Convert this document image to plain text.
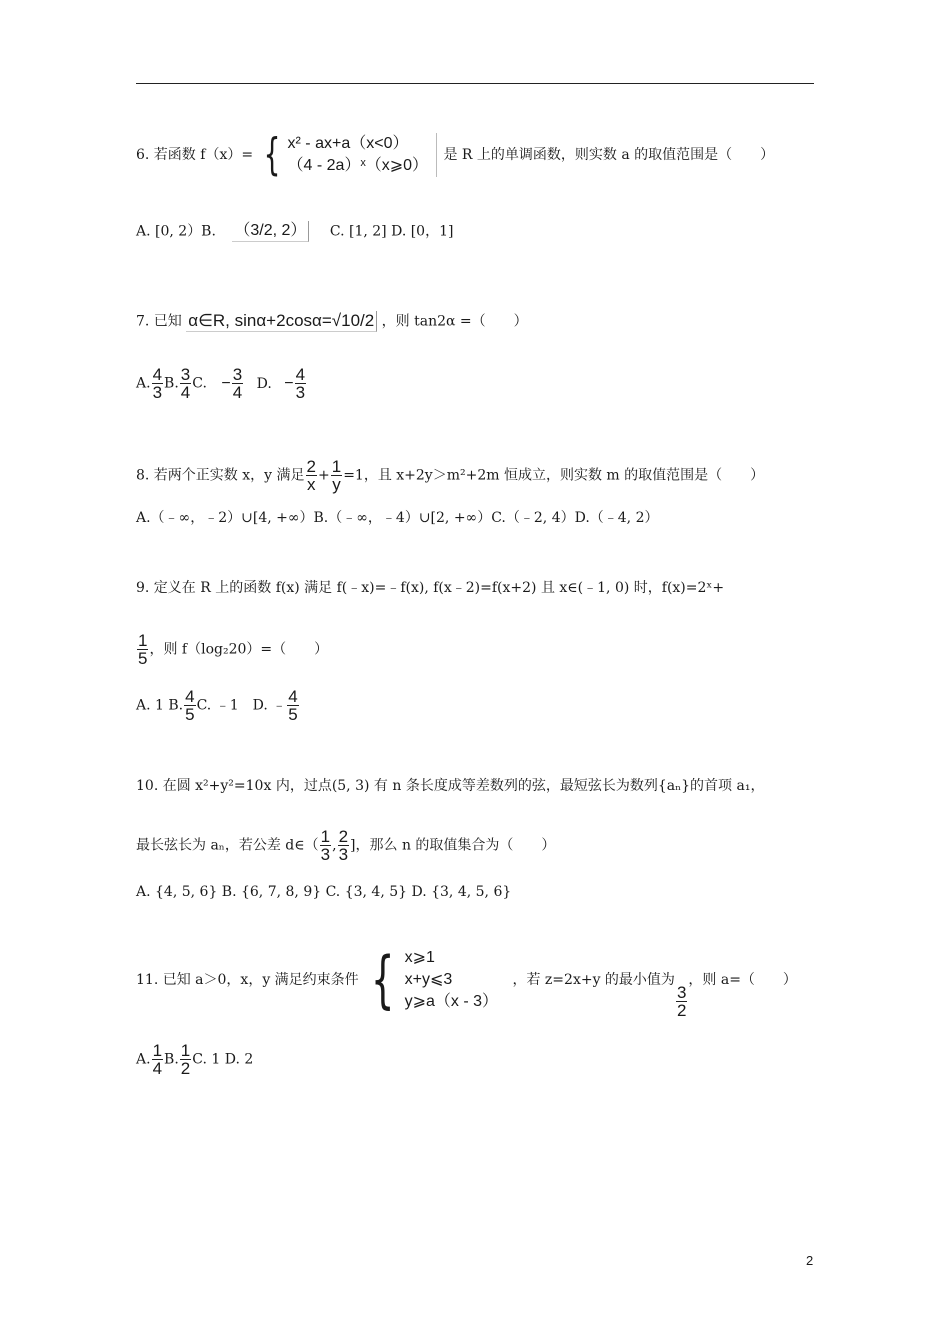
6. 若函数 f（x）= { x² - ax+a（x<0）
（4 - 2a）ˣ（x⩾0）
是 R 上的单调函数，则实数 a 的取值范围是（　　）
A. [0, 2）B. （3/2, 2） C. [1, 2] D. [0，1]
7. 已知 α∈R, sinα+2cosα=√10/2 ，则 tan2α =（　　）
A. $\frac{4}{3} B$. $\frac{3}{4} C$. − $\frac{3}{4} D$. − $\frac{4}{3}$
8. 若两个正实数 x，y 满足 $\frac{2}{x} + \frac{1}{y} =1$，且 x+2y＞m²+2m 恒成立，则实数 m 的取值范围是（　　）
A.（﹣∞，﹣2）∪[4, +∞）B.（﹣∞，﹣4）∪[2, +∞）C.（﹣2, 4）D.（﹣4, 2）
9. 定义在 R 上的函数 f(x) 满足 f(﹣x)=﹣f(x), f(x﹣2)=f(x+2) 且 x∈(﹣1, 0) 时，f(x)=2ˣ+
$\frac{1}{5}$ ，则 f（log₂20）=（　　）
A. 1 B. $\frac{4}{5} C$. ﹣1　D. ﹣ $\frac{4}{5}$
10. 在圆 x²+y²=10x 内，过点(5, 3) 有 n 条长度成等差数列的弦，最短弦长为数列{aₙ}的首项 a₁，
最长弦长为 aₙ，若公差 d∈（ $\frac{1}{3}$ , $\frac{2}{3}$ ]，那么 n 的取值集合为（　　）
A. {4, 5, 6} B. {6, 7, 8, 9} C. {3, 4, 5} D. {3, 4, 5, 6}
11. 已知 a＞0，x，y 满足约束条件 { x⩾1
x+y⩽3
y⩾a（x - 3）
，若 z=2x+y 的最小值为
$\frac{3}{2}$
，则 a=（　　）
A. $\frac{1}{4} B$. $\frac{1}{2} C$. 1 D. 2
2
